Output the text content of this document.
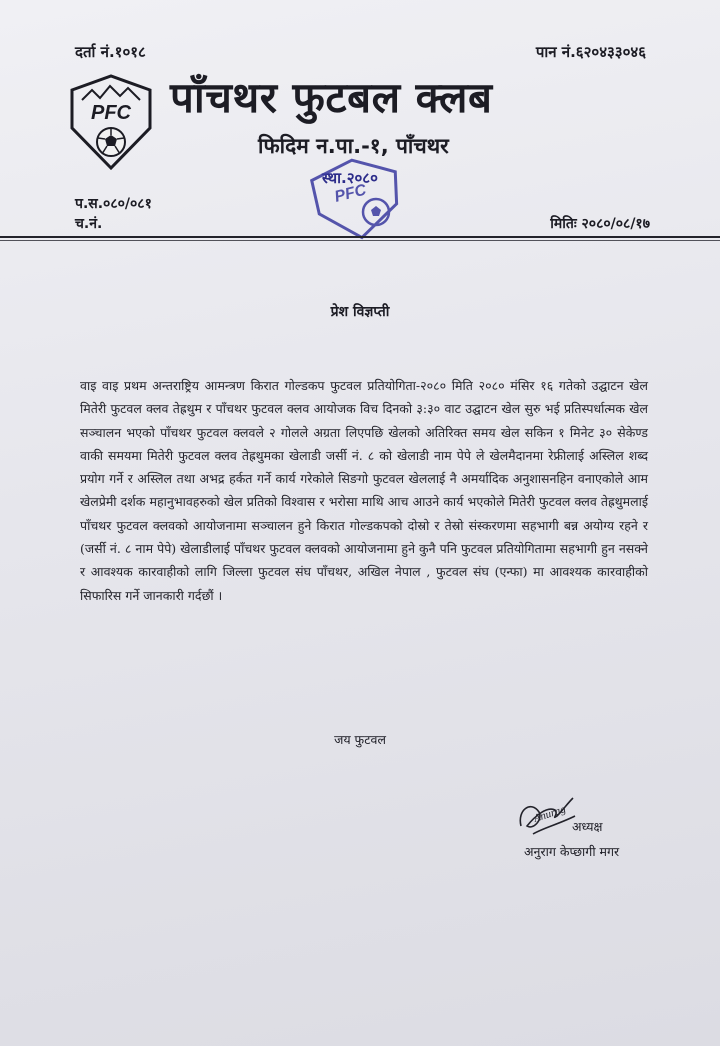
दर्ता नं.१०१८	पान नं.६२०४३३०४६
PFC पाँचथर फुटबल क्लब
फिदिम न.पा.-१, पाँचथर
स्था.२०८०
PFC
प.स.०८०/०८१
च.नं.	मितिः २०८०/०८/१७
प्रेश विज्ञप्ती
वाइ वाइ प्रथम अन्तराष्ट्रिय आमन्त्रण किरात गोल्डकप फुटवल प्रतियोगिता-२०८० मिति २०८० मंसिर १६ गतेको उद्घाटन खेल मितेरी फुटवल क्लव तेह्रथुम र पाँचथर फुटवल क्लव आयोजक विच दिनको ३:३० वाट उद्घाटन खेल सुरु भई प्रतिस्पर्धात्मक खेल सञ्चालन भएको पाँचथर फुटवल क्लवले २ गोलले अग्रता लिएपछि खेलको अतिरिक्त समय खेल सकिन १ मिनेट ३० सेकेण्ड वाकी समयमा मितेरी फुटवल क्लव तेह्रथुमका खेलाडी जर्सी नं. ८ को खेलाडी नाम पेपे ले खेलमैदानमा रेफ्रीलाई अस्लिल शब्द प्रयोग गर्ने र अस्लिल तथा अभद्र हर्कत गर्ने कार्य गरेकोले सिङगो फुटवल खेललाई नै अमर्यादिक अनुशासनहिन वनाएकोले आम खेलप्रेमी दर्शक महानुभावहरुको खेल प्रतिको विश्वास र भरोसा माथि आच आउने कार्य भएकोले मितेरी फुटवल क्लव तेह्रथुमलाई पाँचथर फुटवल क्लवको आयोजनामा सञ्चालन हुने किरात गोल्डकपको दोस्रो र तेस्रो संस्करणमा सहभागी बन्न अयोग्य रहने र (जर्सी नं. ८ नाम पेपे) खेलाडीलाई पाँचथर फुटवल क्लवको आयोजनामा हुने कुनै पनि फुटवल प्रतियोगितामा सहभागी हुन नसक्ने र आवश्यक कारवाहीको लागि जिल्ला फुटवल संघ पाँचथर, अखिल नेपाल , फुटवल संघ (एन्फा) मा आवश्यक कारवाहीको सिफारिस गर्ने जानकारी गर्दछौं ।
जय फुटवल
Anurag
अध्यक्ष
अनुराग केप्छागी मगर
